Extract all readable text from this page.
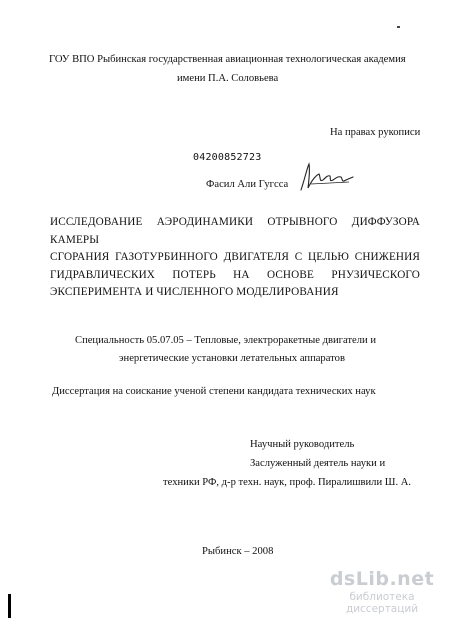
ГОУ ВПО Рыбинская государственная авиационная технологическая академия
имени П.А. Соловьева
На правах рукописи
04200852723
Фасил Али Гугсса
ИССЛЕДОВАНИЕ АЭРОДИНАМИКИ ОТРЫВНОГО ДИФФУЗОРА КАМЕРЫ
СГОРАНИЯ ГАЗОТУРБИННОГО ДВИГАТЕЛЯ С ЦЕЛЬЮ СНИЖЕНИЯ
ГИДРАВЛИЧЕСКИХ ПОТЕРЬ НА ОСНОВЕ РНУЗИЧЕСКОГО
ЭКСПЕРИМЕНТА И ЧИСЛЕННОГО МОДЕЛИРОВАНИЯ
Специальность 05.07.05 – Тепловые, электроракетные двигатели и
энергетические установки летательных аппаратов
Диссертация на соискание ученой степени кандидата технических наук
Научный руководитель
Заслуженный деятель науки и
техники РФ, д-р техн. наук, проф. Пиралишвили Ш. А.
Рыбинск – 2008
dsLib.net
библиотека диссертаций
